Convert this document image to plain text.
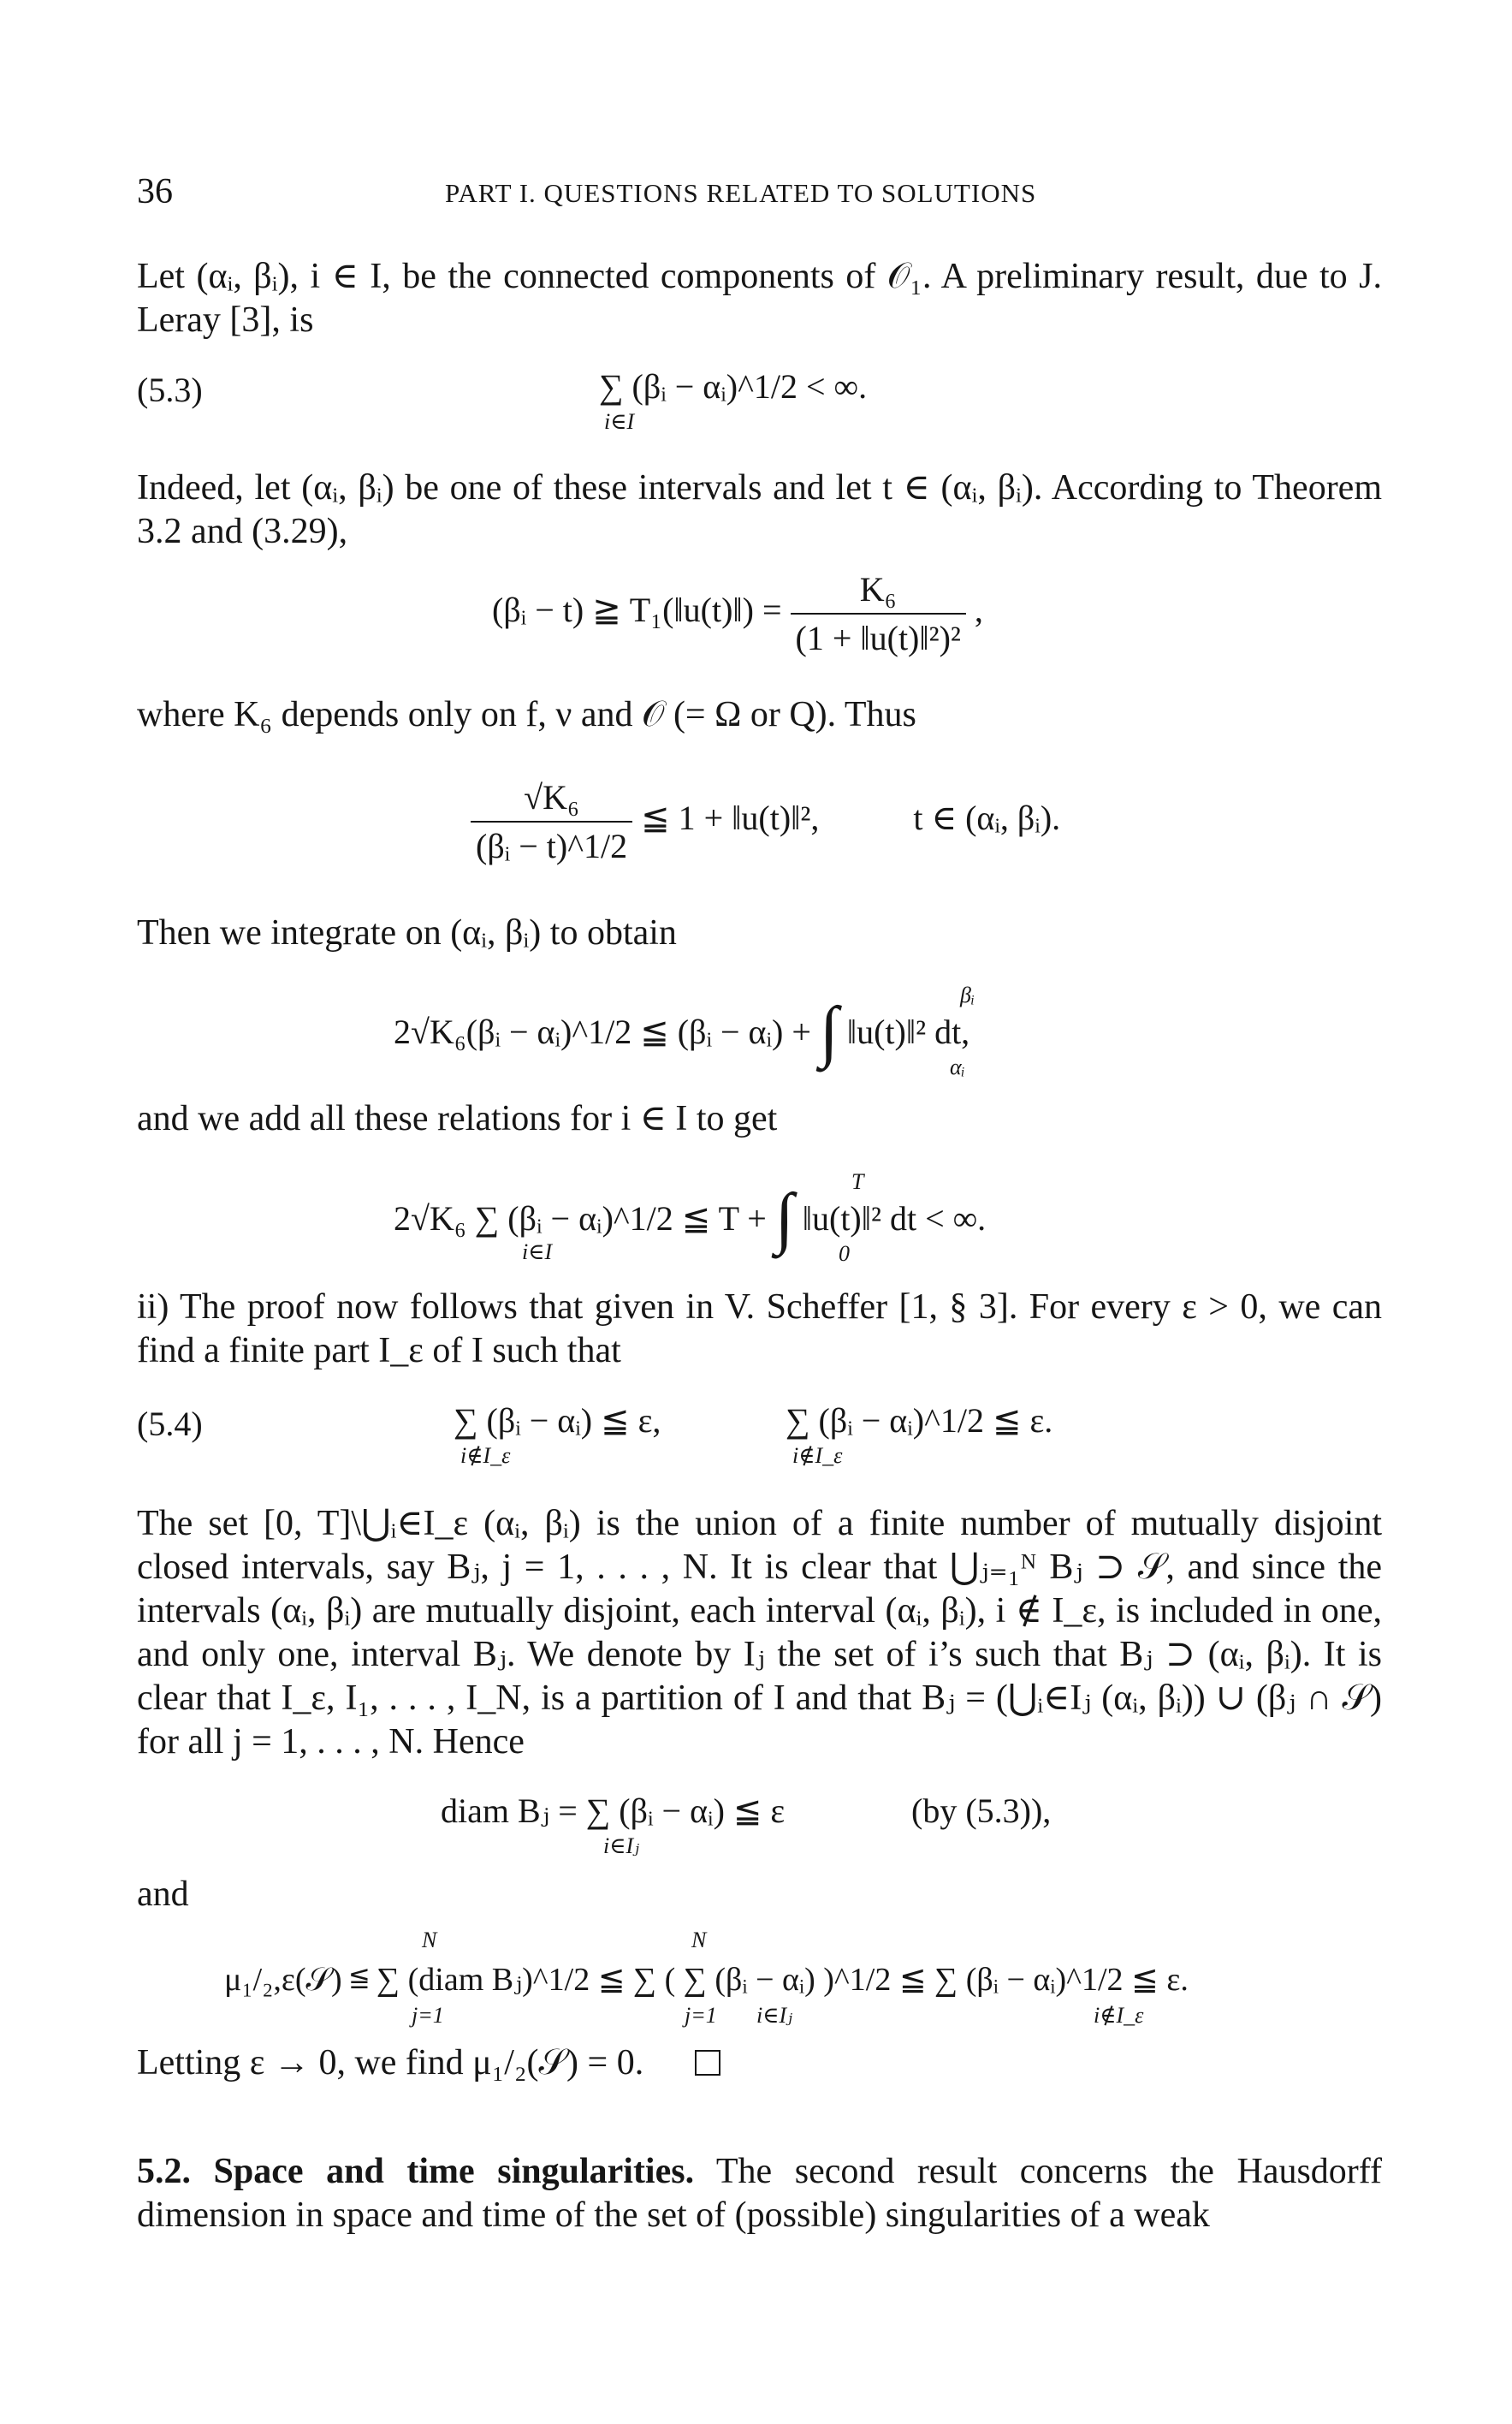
36	PART I. QUESTIONS RELATED TO SOLUTIONS

Let (αᵢ, βᵢ), i ∈ I, be the connected components of 𝒪₁. A preliminary result, due to J. Leray [3], is

(5.3)	∑ (βᵢ − αᵢ)^1/2 < ∞.
i∈I

Indeed, let (αᵢ, βᵢ) be one of these intervals and let t ∈ (αᵢ, βᵢ). According to Theorem 3.2 and (3.29),

(βᵢ − t) ≧ T₁(‖u(t)‖) = $\frac{\text{K₆}}{\text{(1 + ‖u(t)‖²)²}}$ ,

where K₆ depends only on f, ν and 𝒪 (= Ω or Q). Thus

$\frac{\text{√K₆}}{\text{(βᵢ − t)\textasciicircum{}1/2}}$ ≦ 1 + ‖u(t)‖²,	t ∈ (αᵢ, βᵢ).

Then we integrate on (αᵢ, βᵢ) to obtain

2√K₆(βᵢ − αᵢ)^1/2 ≦ (βᵢ − αᵢ) + ∫ ‖u(t)‖² dt,
βᵢ
αᵢ

and we add all these relations for i ∈ I to get

2√K₆ ∑ (βᵢ − αᵢ)^1/2 ≦ T + ∫ ‖u(t)‖² dt < ∞.
i∈I
T
0

ii) The proof now follows that given in V. Scheffer [1, § 3]. For every ε > 0, we can find a finite part I_ε of I such that

(5.4)	∑ (βᵢ − αᵢ) ≦ ε,
i∉I_ε
∑ (βᵢ − αᵢ)^1/2 ≦ ε.
i∉I_ε

The set [0, T]\⋃ᵢ∈I_ε (αᵢ, βᵢ) is the union of a finite number of mutually disjoint closed intervals, say Bⱼ, j = 1, . . . , N. It is clear that ⋃ⱼ₌₁ᴺ Bⱼ ⊃ 𝒮, and since the intervals (αᵢ, βᵢ) are mutually disjoint, each interval (αᵢ, βᵢ), i ∉ I_ε, is included in one, and only one, interval Bⱼ. We denote by Iⱼ the set of i’s such that Bⱼ ⊃ (αᵢ, βᵢ). It is clear that I_ε, I₁, . . . , I_N, is a partition of I and that Bⱼ = (⋃ᵢ∈Iⱼ (αᵢ, βᵢ)) ∪ (βⱼ ∩ 𝒮) for all j = 1, . . . , N. Hence

diam Bⱼ = ∑ (βᵢ − αᵢ) ≦ ε
i∈Iⱼ
(by (5.3)),

and

N	N
μ₁/₂,ε(𝒮) ≦ ∑ (diam Bⱼ)^1/2 ≦ ∑ ( ∑ (βᵢ − αᵢ) )^1/2 ≦ ∑ (βᵢ − αᵢ)^1/2 ≦ ε.
j=1	j=1 i∈Iⱼ	i∉I_ε

Letting ε → 0, we find μ₁/₂(𝒮) = 0.

5.2. Space and time singularities. The second result concerns the Hausdorff dimension in space and time of the set of (possible) singularities of a weak
